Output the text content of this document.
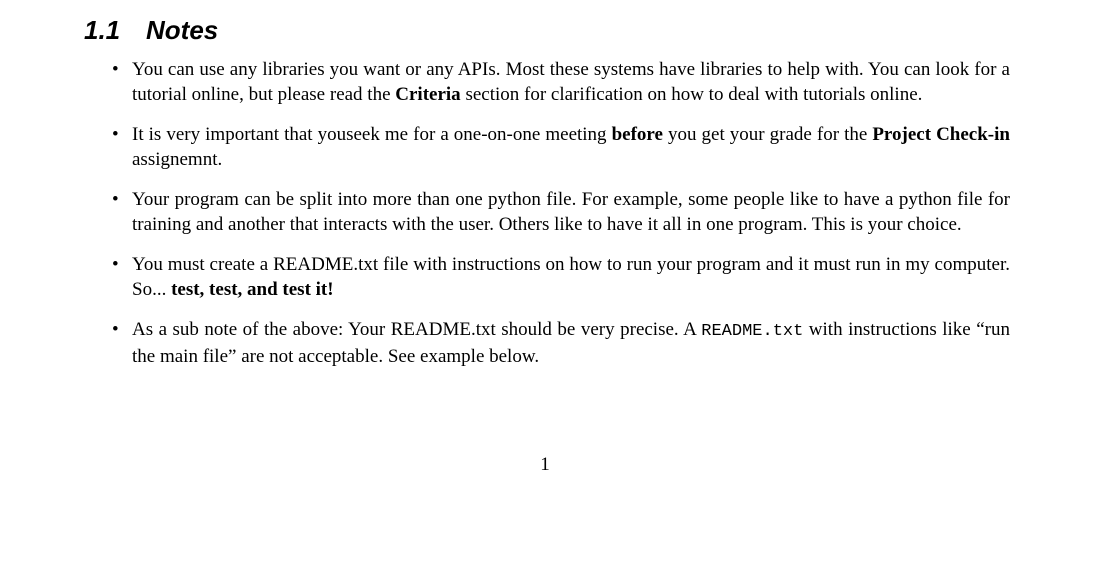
1.1 Notes
• You can use any libraries you want or any APIs. Most these systems have libraries to help with. You can look for a tutorial online, but please read the Criteria section for clarification on how to deal with tutorials online.
• It is very important that youseek me for a one-on-one meeting before you get your grade for the Project Check-in assignemnt.
• Your program can be split into more than one python file. For example, some people like to have a python file for training and another that interacts with the user. Others like to have it all in one program. This is your choice.
• You must create a README.txt file with instructions on how to run your program and it must run in my computer. So... test, test, and test it!
• As a sub note of the above: Your README.txt should be very precise. A README.txt with instructions like “run the main file” are not acceptable. See example below.
1
